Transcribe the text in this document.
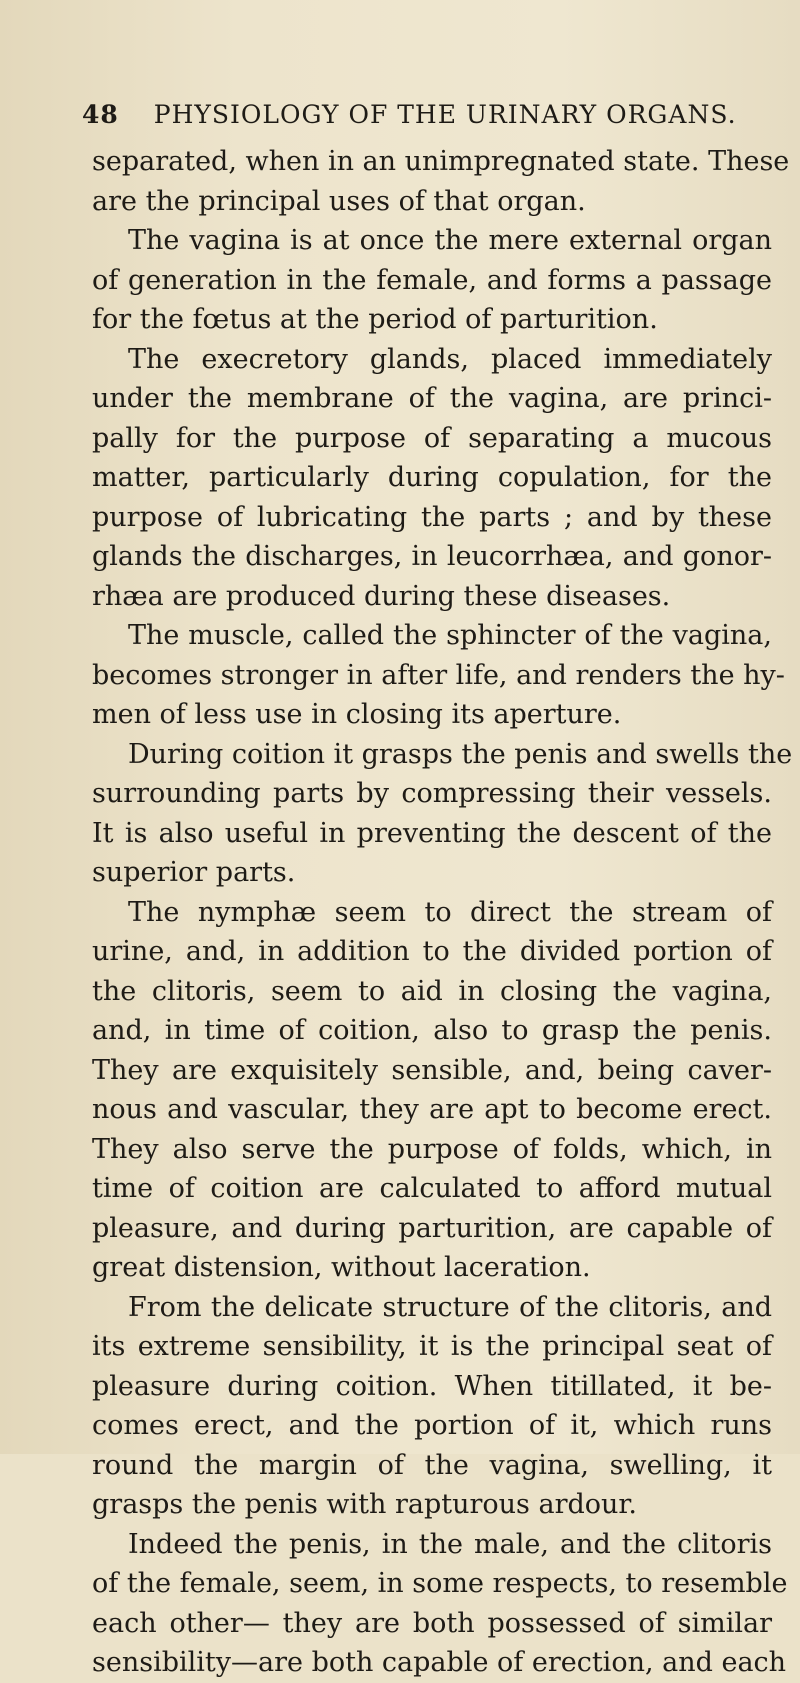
48 PHYSIOLOGY OF THE URINARY ORGANS.
separated, when in an unimpregnated state. These
are the principal uses of that organ.
The vagina is at once the mere external organ
of generation in the female, and forms a passage
for the fœtus at the period of parturition.
The execretory glands, placed immediately
under the membrane of the vagina, are princi-
pally for the purpose of separating a mucous
matter, particularly during copulation, for the
purpose of lubricating the parts ; and by these
glands the discharges, in leucorrhæa, and gonor-
rhæa are produced during these diseases.
The muscle, called the sphincter of the vagina,
becomes stronger in after life, and renders the hy-
men of less use in closing its aperture.
During coition it grasps the penis and swells the
surrounding parts by compressing their vessels.
It is also useful in preventing the descent of the
superior parts.
The nymphæ seem to direct the stream of
urine, and, in addition to the divided portion of
the clitoris, seem to aid in closing the vagina,
and, in time of coition, also to grasp the penis.
They are exquisitely sensible, and, being caver-
nous and vascular, they are apt to become erect.
They also serve the purpose of folds, which, in
time of coition are calculated to afford mutual
pleasure, and during parturition, are capable of
great distension, without laceration.
From the delicate structure of the clitoris, and
its extreme sensibility, it is the principal seat of
pleasure during coition. When titillated, it be-
comes erect, and the portion of it, which runs
round the margin of the vagina, swelling, it
grasps the penis with rapturous ardour.
Indeed the penis, in the male, and the clitoris
of the female, seem, in some respects, to resemble
each other— they are both possessed of similar
sensibility—are both capable of erection, and each
